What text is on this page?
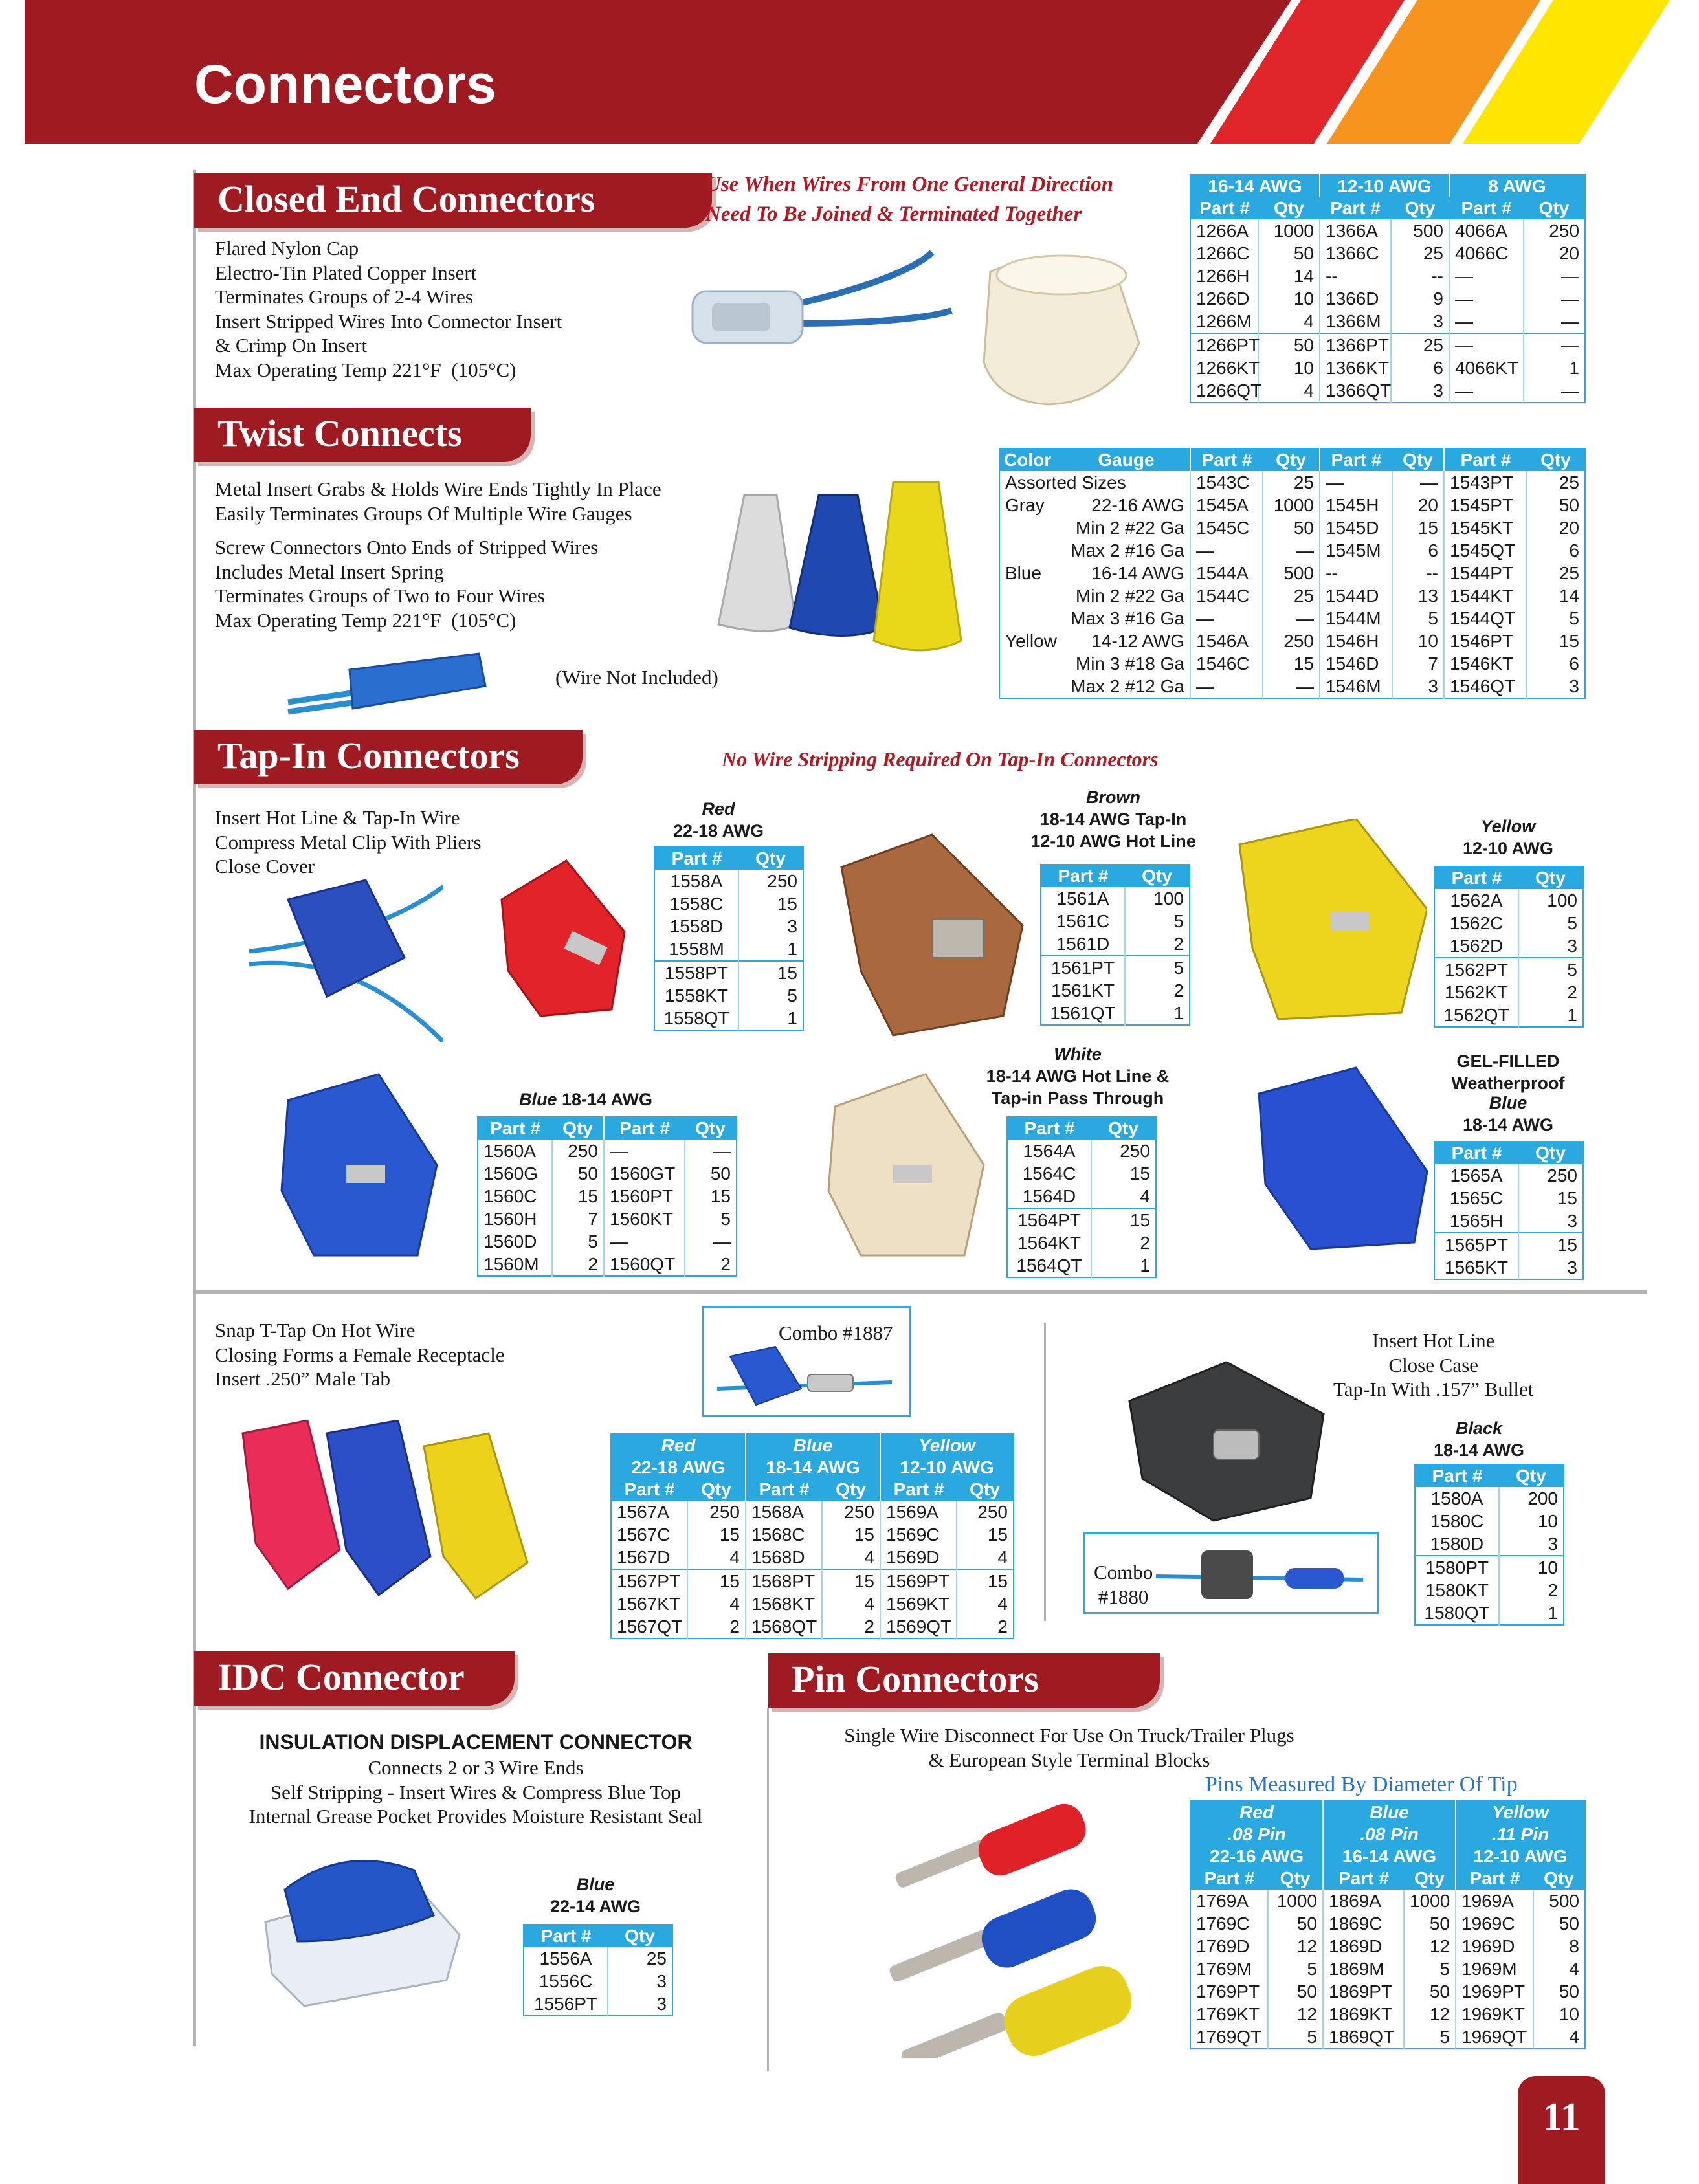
Connectors
Closed End Connectors	Use When Wires From One General Direction
Need To Be Joined & Terminated Together
Flared Nylon Cap
Electro-Tin Plated Copper Insert
Terminates Groups of 2-4 Wires
Insert Stripped Wires Into Connector Insert
& Crimp On Insert
Max Operating Temp 221°F  (105°C)
16-14 AWG		12-10 AWG		8 AWG	
Part #	Qty	Part #	Qty	Part #	Qty
1266A	1000	1366A	500	4066A	250
1266C	50	1366C	25	4066C	20
1266H	14	--	--	—	—
1266D	10	1366D	9	—	—
1266M	4	1366M	3	—	—
1266PT	50	1366PT	25	—	—
1266KT	10	1366KT	6	4066KT	1
1266QT	4	1366QT	3	—	—
Twist Connects
Metal Insert Grabs & Holds Wire Ends Tightly In Place
Easily Terminates Groups Of Multiple Wire Gauges
Screw Connectors Onto Ends of Stripped Wires
Includes Metal Insert Spring
Terminates Groups of Two to Four Wires
Max Operating Temp 221°F  (105°C)
(Wire Not Included)
Color	Gauge	Part #	Qty	Part #	Qty	Part #	Qty
Assorted Sizes		1543C	25	—	—	1543PT	25
Gray	22-16 AWG	1545A	1000	1545H	20	1545PT	50
	Min 2 #22 Ga	1545C	50	1545D	15	1545KT	20
	Max 2 #16 Ga	—	—	1545M	6	1545QT	6
Blue	16-14 AWG	1544A	500	--	--	1544PT	25
	Min 2 #22 Ga	1544C	25	1544D	13	1544KT	14
	Max 3 #16 Ga	—	—	1544M	5	1544QT	5
Yellow	14-12 AWG	1546A	250	1546H	10	1546PT	15
	Min 3 #18 Ga	1546C	15	1546D	7	1546KT	6
	Max 2 #12 Ga	—	—	1546M	3	1546QT	3
Tap-In Connectors	No Wire Stripping Required On Tap-In Connectors
Insert Hot Line & Tap-In Wire
Compress Metal Clip With Pliers
Close Cover
Red
22-18 AWG
Part #	Qty
1558A	250
1558C	15
1558D	3
1558M	1
1558PT	15
1558KT	5
1558QT	1
Brown
18-14 AWG Tap-In
12-10 AWG Hot Line
Part #	Qty
1561A	100
1561C	5
1561D	2
1561PT	5
1561KT	2
1561QT	1
Yellow
12-10 AWG
Part #	Qty
1562A	100
1562C	5
1562D	3
1562PT	5
1562KT	2
1562QT	1
Blue 18-14 AWG
Part #	Qty	Part #	Qty
1560A	250	—	—
1560G	50	1560GT	50
1560C	15	1560PT	15
1560H	7	1560KT	5
1560D	5	—	—
1560M	2	1560QT	2
White
18-14 AWG Hot Line &
Tap-in Pass Through
Part #	Qty
1564A	250
1564C	15
1564D	4
1564PT	15
1564KT	2
1564QT	1
GEL-FILLED
Weatherproof
Blue
18-14 AWG
Part #	Qty
1565A	250
1565C	15
1565H	3
1565PT	15
1565KT	3
Snap T-Tap On Hot Wire
Closing Forms a Female Receptacle
Insert .250” Male Tab
Combo #1887
Red		Blue		Yellow	
22-18 AWG		18-14 AWG		12-10 AWG	
Part #	Qty	Part #	Qty	Part #	Qty
1567A	250	1568A	250	1569A	250
1567C	15	1568C	15	1569C	15
1567D	4	1568D	4	1569D	4
1567PT	15	1568PT	15	1569PT	15
1567KT	4	1568KT	4	1569KT	4
1567QT	2	1568QT	2	1569QT	2
Insert Hot Line
Close Case
Tap-In With .157” Bullet
Combo
#1880
Black
18-14 AWG
Part #	Qty
1580A	200
1580C	10
1580D	3
1580PT	10
1580KT	2
1580QT	1
IDC Connector
INSULATION DISPLACEMENT CONNECTOR
Connects 2 or 3 Wire Ends
Self Stripping - Insert Wires & Compress Blue Top
Internal Grease Pocket Provides Moisture Resistant Seal
Blue
22-14 AWG
Part #	Qty
1556A	25
1556C	3
1556PT	3
Pin Connectors
Single Wire Disconnect For Use On Truck/Trailer Plugs
& European Style Terminal Blocks
Pins Measured By Diameter Of Tip
Red		Blue		Yellow	
.08 Pin		.08 Pin		.11 Pin	
22-16 AWG		16-14 AWG		12-10 AWG	
Part #	Qty	Part #	Qty	Part #	Qty
1769A	1000	1869A	1000	1969A	500
1769C	50	1869C	50	1969C	50
1769D	12	1869D	12	1969D	8
1769M	5	1869M	5	1969M	4
1769PT	50	1869PT	50	1969PT	50
1769KT	12	1869KT	12	1969KT	10
1769QT	5	1869QT	5	1969QT	4
11
